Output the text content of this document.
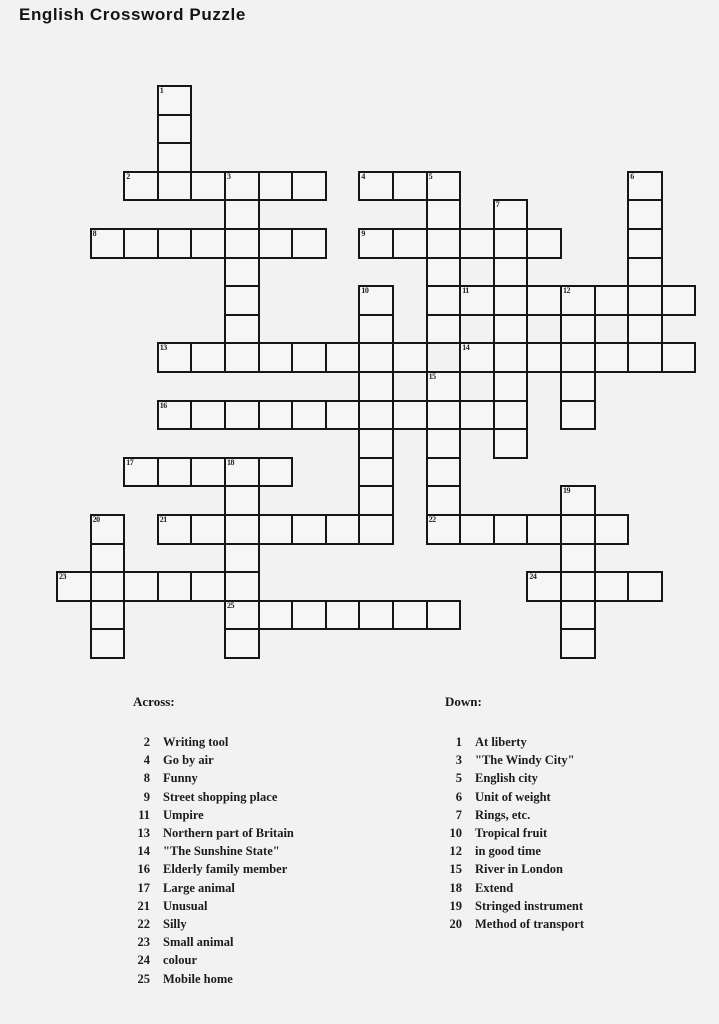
English Crossword Puzzle
1
2	3	4	5	6
7
8	9
10	11	12
13	14
15
22
16
17	18
25
19
20	21
23	24

Across:

2 Writing tool
4 Go by air
8 Funny
9 Street shopping place
11 Umpire
13 Northern part of Britain
14 "The Sunshine State"
16 Elderly family member
17 Large animal
21 Unusual
22 Silly
23 Small animal
24 colour
25 Mobile home

Down:

1 At liberty
3 "The Windy City"
5 English city
6 Unit of weight
7 Rings, etc.
10 Tropical fruit
12 in good time
15 River in London
18 Extend
19 Stringed instrument
20 Method of transport
